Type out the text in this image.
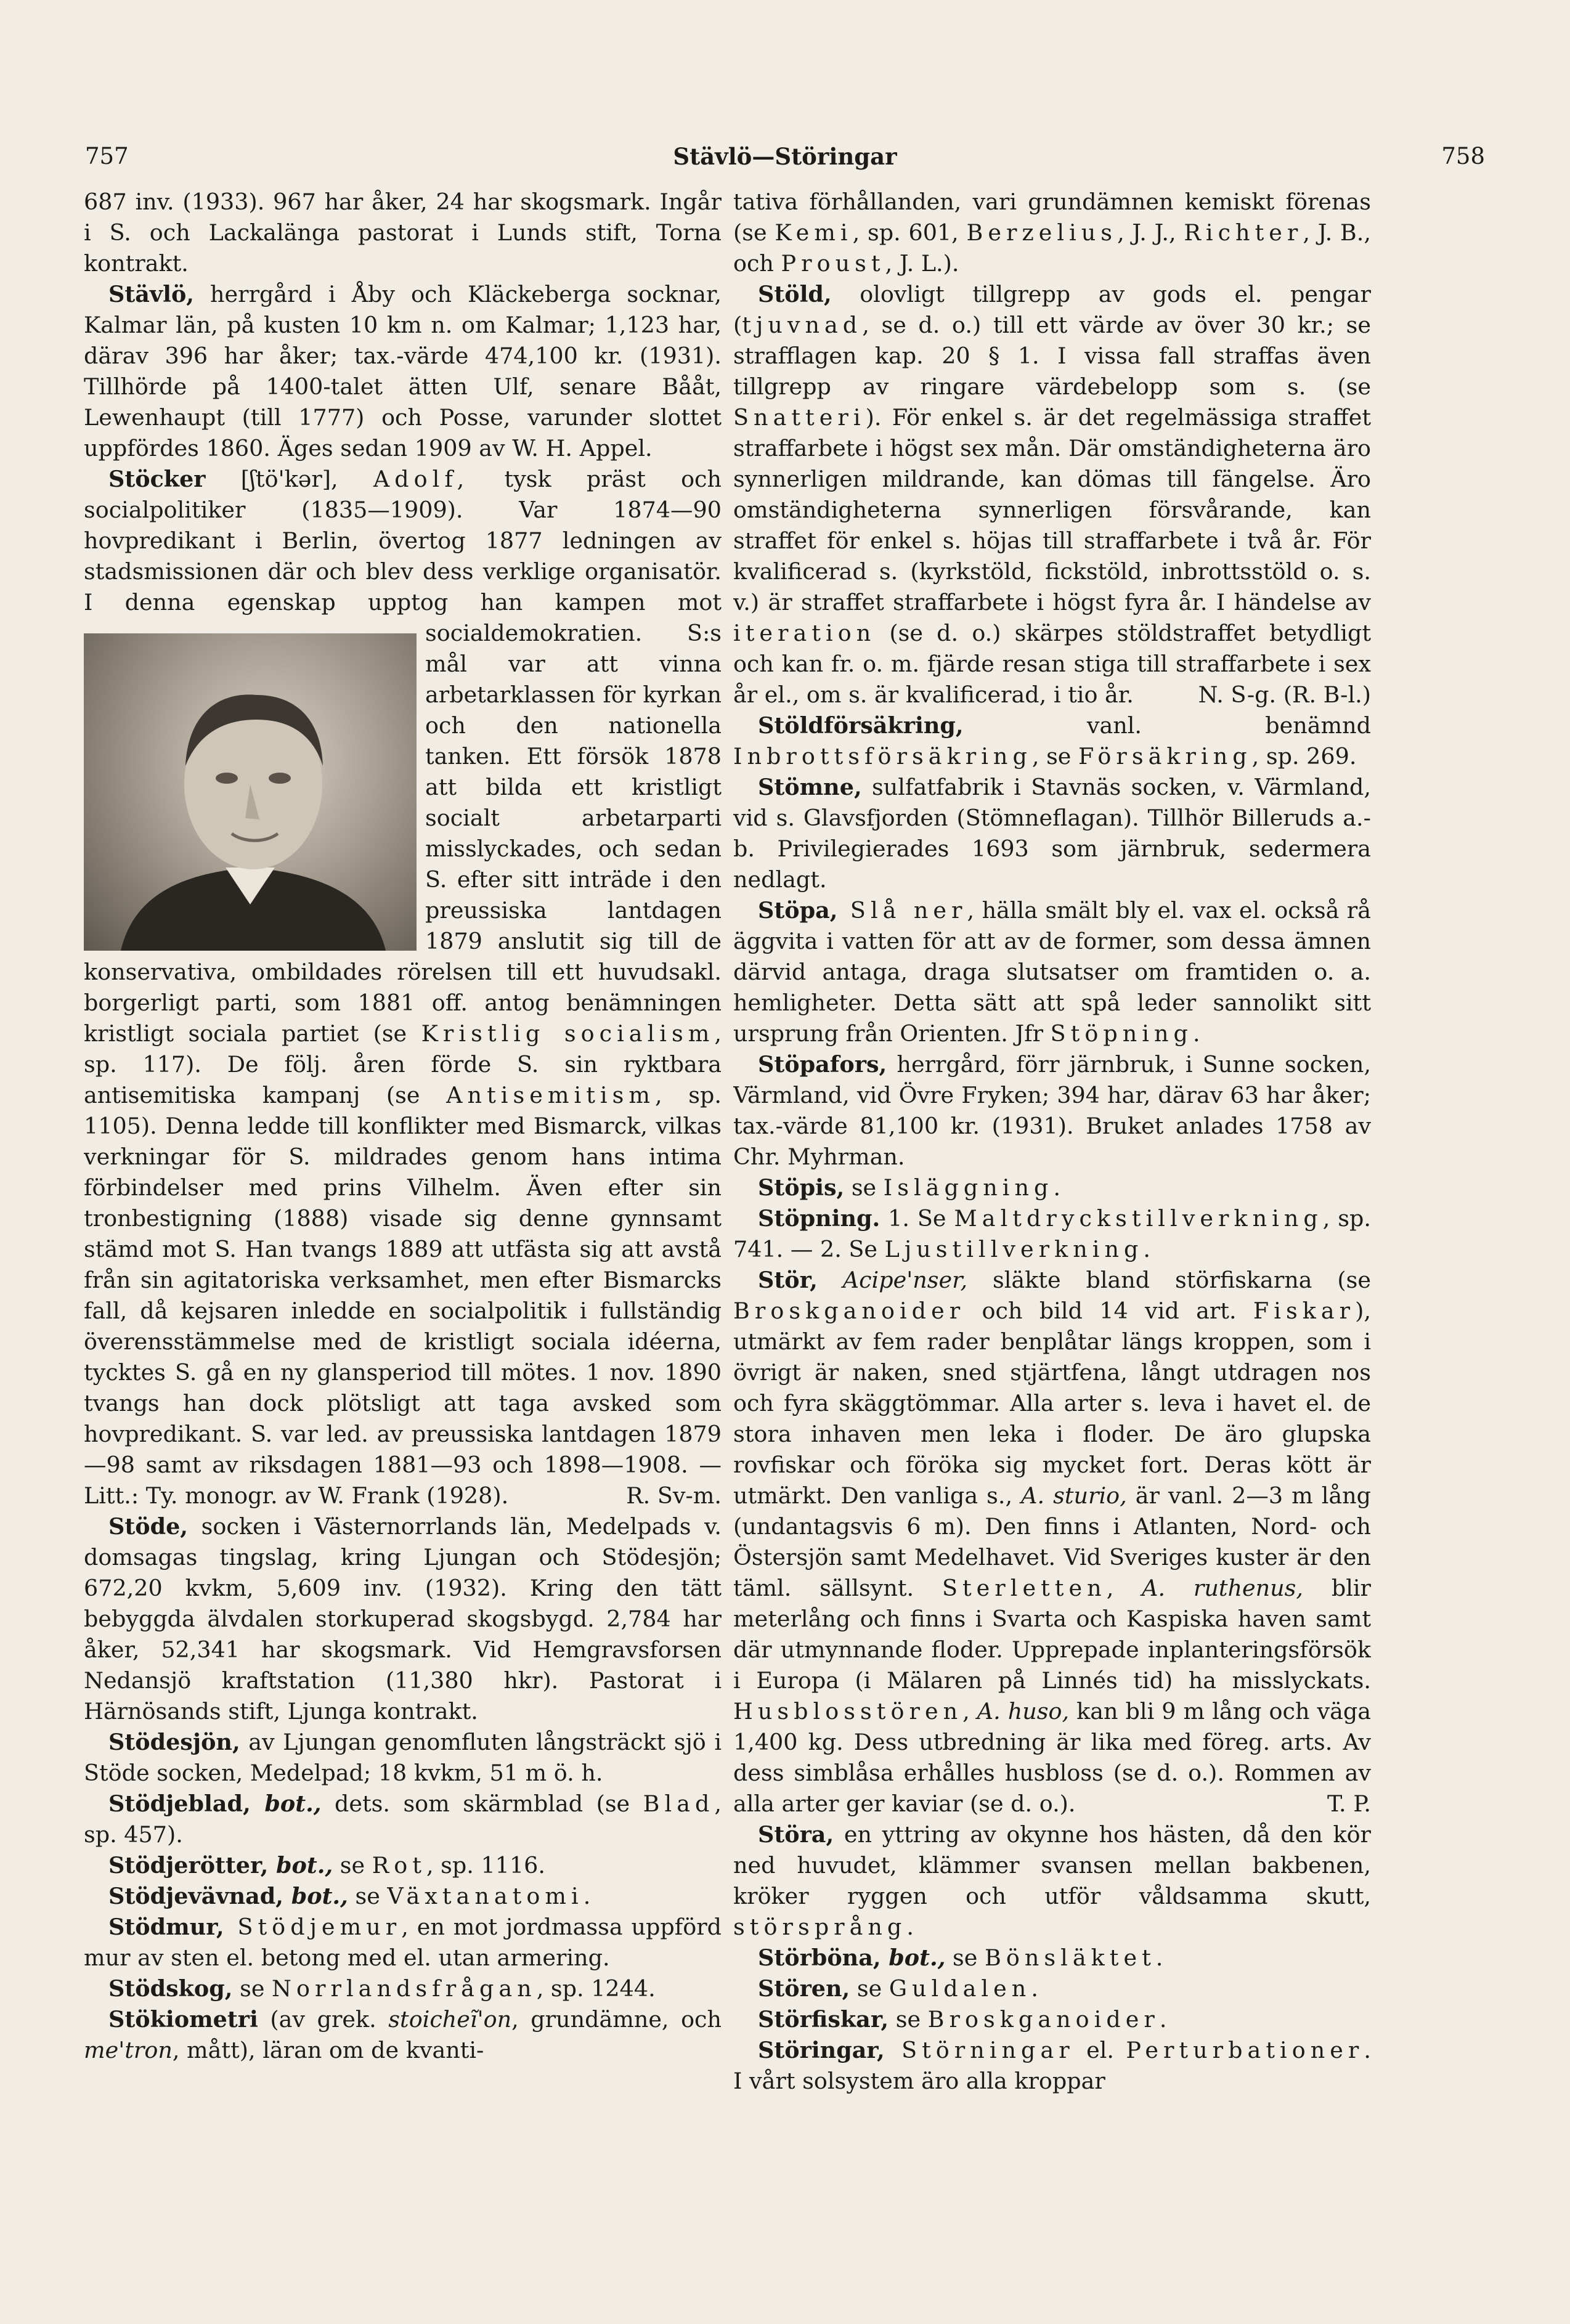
757	Stävlö—Störingar	758

687 inv. (1933). 967 har åker, 24 har skogsmark. Ingår i S. och Lackalänga pastorat i Lunds stift, Torna kontrakt.

Stävlö, herrgård i Åby och Kläckeberga socknar, Kalmar län, på kusten 10 km n. om Kalmar; 1,123 har, därav 396 har åker; tax.-värde 474,100 kr. (1931). Tillhörde på 1400-talet ätten Ulf, senare Bååt, Lewenhaupt (till 1777) och Posse, varunder slottet uppfördes 1860. Äges sedan 1909 av W. H. Appel.

Stöcker [ʃtö'kər], Adolf, tysk präst och socialpolitiker (1835—1909). Var 1874—90 hovpredikant i Berlin, övertog 1877 ledningen av stadsmissionen där och blev dess verklige organisatör. I denna egenskap upptog han kampen mot socialdemokratien. S:s mål var att vinna arbetarklassen för kyrkan och den nationella tanken. Ett försök 1878 att bilda ett kristligt socialt arbetarparti misslyckades, och sedan S. efter sitt inträde i den preussiska lantdagen 1879 anslutit sig till de konservativa, ombildades rörelsen till ett huvudsakl. borgerligt parti, som 1881 off. antog benämningen kristligt sociala partiet (se Kristlig socialism, sp. 117). De följ. åren förde S. sin ryktbara antisemitiska kampanj (se Antisemitism, sp. 1105). Denna ledde till konflikter med Bismarck, vilkas verkningar för S. mildrades genom hans intima förbindelser med prins Vilhelm. Även efter sin tronbestigning (1888) visade sig denne gynnsamt stämd mot S. Han tvangs 1889 att utfästa sig att avstå från sin agitatoriska verksamhet, men efter Bismarcks fall, då kejsaren inledde en socialpolitik i fullständig överensstämmelse med de kristligt sociala idéerna, tycktes S. gå en ny glansperiod till mötes. 1 nov. 1890 tvangs han dock plötsligt att taga avsked som hovpredikant. S. var led. av preussiska lantdagen 1879—98 samt av riksdagen 1881—93 och 1898—1908. — Litt.: Ty. monogr. av W. Frank (1928).	R. Sv-m.

Stöde, socken i Västernorrlands län, Medelpads v. domsagas tingslag, kring Ljungan och Stödesjön; 672,20 kvkm, 5,609 inv. (1932). Kring den tätt bebyggda älvdalen storkuperad skogsbygd. 2,784 har åker, 52,341 har skogsmark. Vid Hemgravsforsen Nedansjö kraftstation (11,380 hkr). Pastorat i Härnösands stift, Ljunga kontrakt.

Stödesjön, av Ljungan genomfluten långsträckt sjö i Stöde socken, Medelpad; 18 kvkm, 51 m ö. h.

Stödjeblad, bot., dets. som skärmblad (se Blad, sp. 457).

Stödjerötter, bot., se Rot, sp. 1116.

Stödjevävnad, bot., se Växtanatomi.

Stödmur, Stödjemur, en mot jordmassa uppförd mur av sten el. betong med el. utan armering.

Stödskog, se Norrlandsfrågan, sp. 1244.

Stökiometri (av grek. stoicheĩ'on, grundämne, och me'tron, mått), läran om de kvanti-

tativa förhållanden, vari grundämnen kemiskt förenas (se Kemi, sp. 601, Berzelius, J. J., Richter, J. B., och Proust, J. L.).

Stöld, olovligt tillgrepp av gods el. pengar (tjuvnad, se d. o.) till ett värde av över 30 kr.; se strafflagen kap. 20 § 1. I vissa fall straffas även tillgrepp av ringare värdebelopp som s. (se Snatteri). För enkel s. är det regelmässiga straffet straffarbete i högst sex mån. Där omständigheterna äro synnerligen mildrande, kan dömas till fängelse. Äro omständigheterna synnerligen försvårande, kan straffet för enkel s. höjas till straffarbete i två år. För kvalificerad s. (kyrkstöld, fickstöld, inbrottsstöld o. s. v.) är straffet straffarbete i högst fyra år. I händelse av iteration (se d. o.) skärpes stöldstraffet betydligt och kan fr. o. m. fjärde resan stiga till straffarbete i sex år el., om s. är kvalificerad, i tio år.	N. S-g. (R. B-l.)

Stöldförsäkring, vanl. benämnd Inbrottsförsäkring, se Försäkring, sp. 269.

Stömne, sulfatfabrik i Stavnäs socken, v. Värmland, vid s. Glavsfjorden (Stömneflagan). Tillhör Billeruds a.-b. Privilegierades 1693 som järnbruk, sedermera nedlagt.

Stöpa, Slå ner, hälla smält bly el. vax el. också rå äggvita i vatten för att av de former, som dessa ämnen därvid antaga, draga slutsatser om framtiden o. a. hemligheter. Detta sätt att spå leder sannolikt sitt ursprung från Orienten. Jfr Stöpning.

Stöpafors, herrgård, förr järnbruk, i Sunne socken, Värmland, vid Övre Fryken; 394 har, därav 63 har åker; tax.-värde 81,100 kr. (1931). Bruket anlades 1758 av Chr. Myhrman.

Stöpis, se Isläggning.

Stöpning. 1. Se Maltdryckstillverkning, sp. 741. — 2. Se Ljustillverkning.

Stör, Acipe'nser, släkte bland störfiskarna (se Broskganoider och bild 14 vid art. Fiskar), utmärkt av fem rader benplåtar längs kroppen, som i övrigt är naken, sned stjärtfena, långt utdragen nos och fyra skäggtömmar. Alla arter s. leva i havet el. de stora inhaven men leka i floder. De äro glupska rovfiskar och föröka sig mycket fort. Deras kött är utmärkt. Den vanliga s., A. sturio, är vanl. 2—3 m lång (undantagsvis 6 m). Den finns i Atlanten, Nord- och Östersjön samt Medelhavet. Vid Sveriges kuster är den täml. sällsynt. Sterletten, A. ruthenus, blir meterlång och finns i Svarta och Kaspiska haven samt där utmynnande floder. Upprepade inplanteringsförsök i Europa (i Mälaren på Linnés tid) ha misslyckats. Husblosstören, A. huso, kan bli 9 m lång och väga 1,400 kg. Dess utbredning är lika med föreg. arts. Av dess simblåsa erhålles husbloss (se d. o.). Rommen av alla arter ger kaviar (se d. o.).	T. P.

Störa, en yttring av okynne hos hästen, då den kör ned huvudet, klämmer svansen mellan bakbenen, kröker ryggen och utför våldsamma skutt, störsprång.

Störböna, bot., se Bönsläktet.

Stören, se Guldalen.

Störfiskar, se Broskganoider.

Störingar, Störningar el. Perturbationer. I vårt solsystem äro alla kroppar
